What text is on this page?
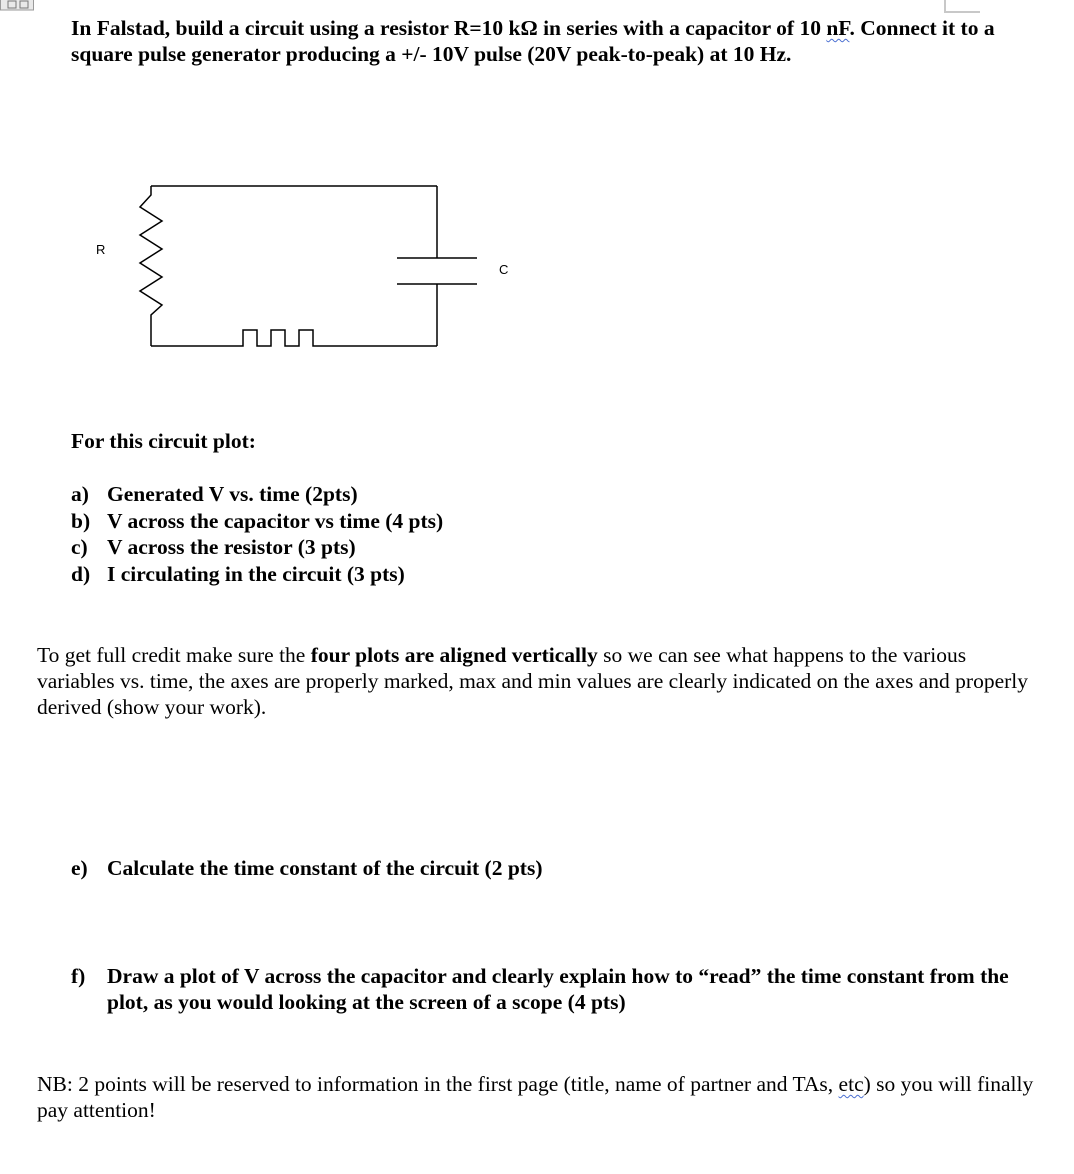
In Falstad, build a circuit using a resistor R=10 kΩ in series with a capacitor of 10 nF. Connect it to a square pulse generator producing a +/- 10V pulse (20V peak-to-peak) at 10 Hz.
R
C
For this circuit plot:
a) Generated V vs. time (2pts)
b) V across the capacitor vs time (4 pts)
c) V across the resistor (3 pts)
d) I circulating in the circuit (3 pts)
To get full credit make sure the four plots are aligned vertically so we can see what happens to the various variables vs. time, the axes are properly marked, max and min values are clearly indicated on the axes and properly derived (show your work).
e) Calculate the time constant of the circuit (2 pts)
f)	Draw a plot of V across the capacitor and clearly explain how to “read” the time constant from the plot, as you would looking at the screen of a scope (4 pts)
NB: 2 points will be reserved to information in the first page (title, name of partner and TAs, etc) so you will finally pay attention!
